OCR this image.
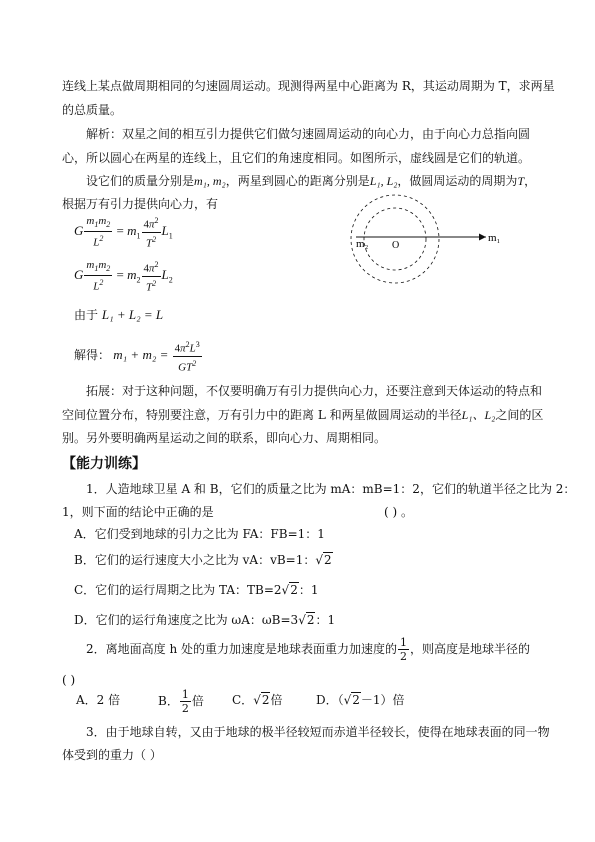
连线上某点做周期相同的匀速圆周运动。现测得两星中心距离为 R，其运动周期为 T，求两星
的总质量。
解析：双星之间的相互引力提供它们做匀速圆周运动的向心力，由于向心力总指向圆
心，所以圆心在两星的连线上，且它们的角速度相同。如图所示，虚线圆是它们的轨道。
设它们的质量分别是m₁, m₂，两星到圆心的距离分别是L₁, L₂，做圆周运动的周期为T，
根据万有引力提供向心力，有
G $\frac{m_1m_2}{L^2} = m_1 \frac{4\pi^2}{T^2} L_1$
G $\frac{m_1m_2}{L^2} = m_2 \frac{4\pi^2}{T^2} L_2$
由于 L₁ + L₂ = L
解得： $m_1 + m_2 = \frac{4\pi^2L^3}{GT^2}$
m₂ O
m₁
拓展：对于这种问题，不仅要明确万有引力提供向心力，还要注意到天体运动的特点和
空间位置分布，特别要注意，万有引力中的距离 L 和两星做圆周运动的半径L₁、L₂之间的区
别。另外要明确两星运动之间的联系，即向心力、周期相同。
【能力训练】
1．人造地球卫星 A 和 B，它们的质量之比为 mA：mB=1：2，它们的轨道半径之比为 2：
1，则下面的结论中正确的是	( ) 。
A．它们受到地球的引力之比为 FA：FB=1：1
B．它们的运行速度大小之比为 vA：vB=1：√2
C．它们的运行周期之比为 TA：TB=2√2：1
D．它们的运行角速度之比为 ωA：ωB=3√2：1
2．离地面高度 h 处的重力加速度是地球表面重力加速度的 $\frac{1}{2}$ ，则高度是地球半径的
( )
A．2 倍	B． $\frac{1}{2}$ 倍 C．√2倍	D．（√2－1）倍
3．由于地球自转，又由于地球的极半径较短而赤道半径较长，使得在地球表面的同一物
体受到的重力（ ）
